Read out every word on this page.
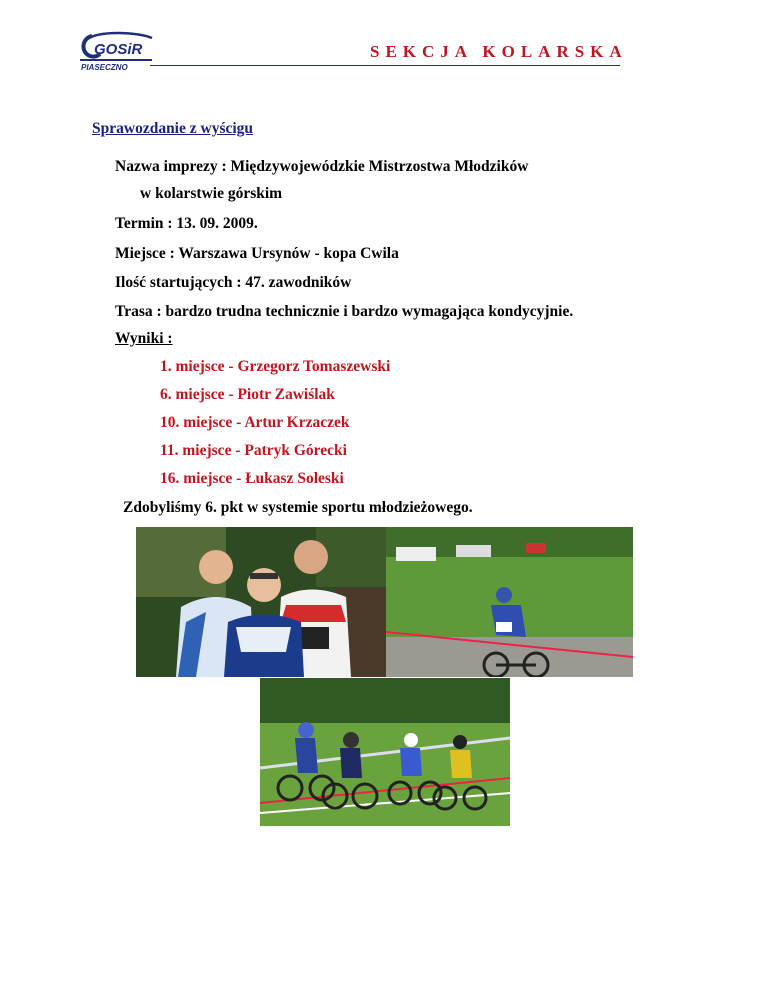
GOSiR
PIASECZNO
SEKCJA KOLARSKA
Sprawozdanie z wyścigu
Nazwa imprezy : Międzywojewódzkie Mistrzostwa Młodzików
w kolarstwie górskim
Termin : 13. 09. 2009.
Miejsce : Warszawa Ursynów - kopa Cwila
Ilość startujących : 47. zawodników
Trasa : bardzo trudna technicznie i bardzo wymagająca kondycyjnie.
Wyniki :
1. miejsce - Grzegorz Tomaszewski
6. miejsce - Piotr Zawiślak
10. miejsce - Artur Krzaczek
11. miejsce - Patryk Górecki
16. miejsce - Łukasz Soleski
Zdobyliśmy 6. pkt w systemie sportu młodzieżowego.
